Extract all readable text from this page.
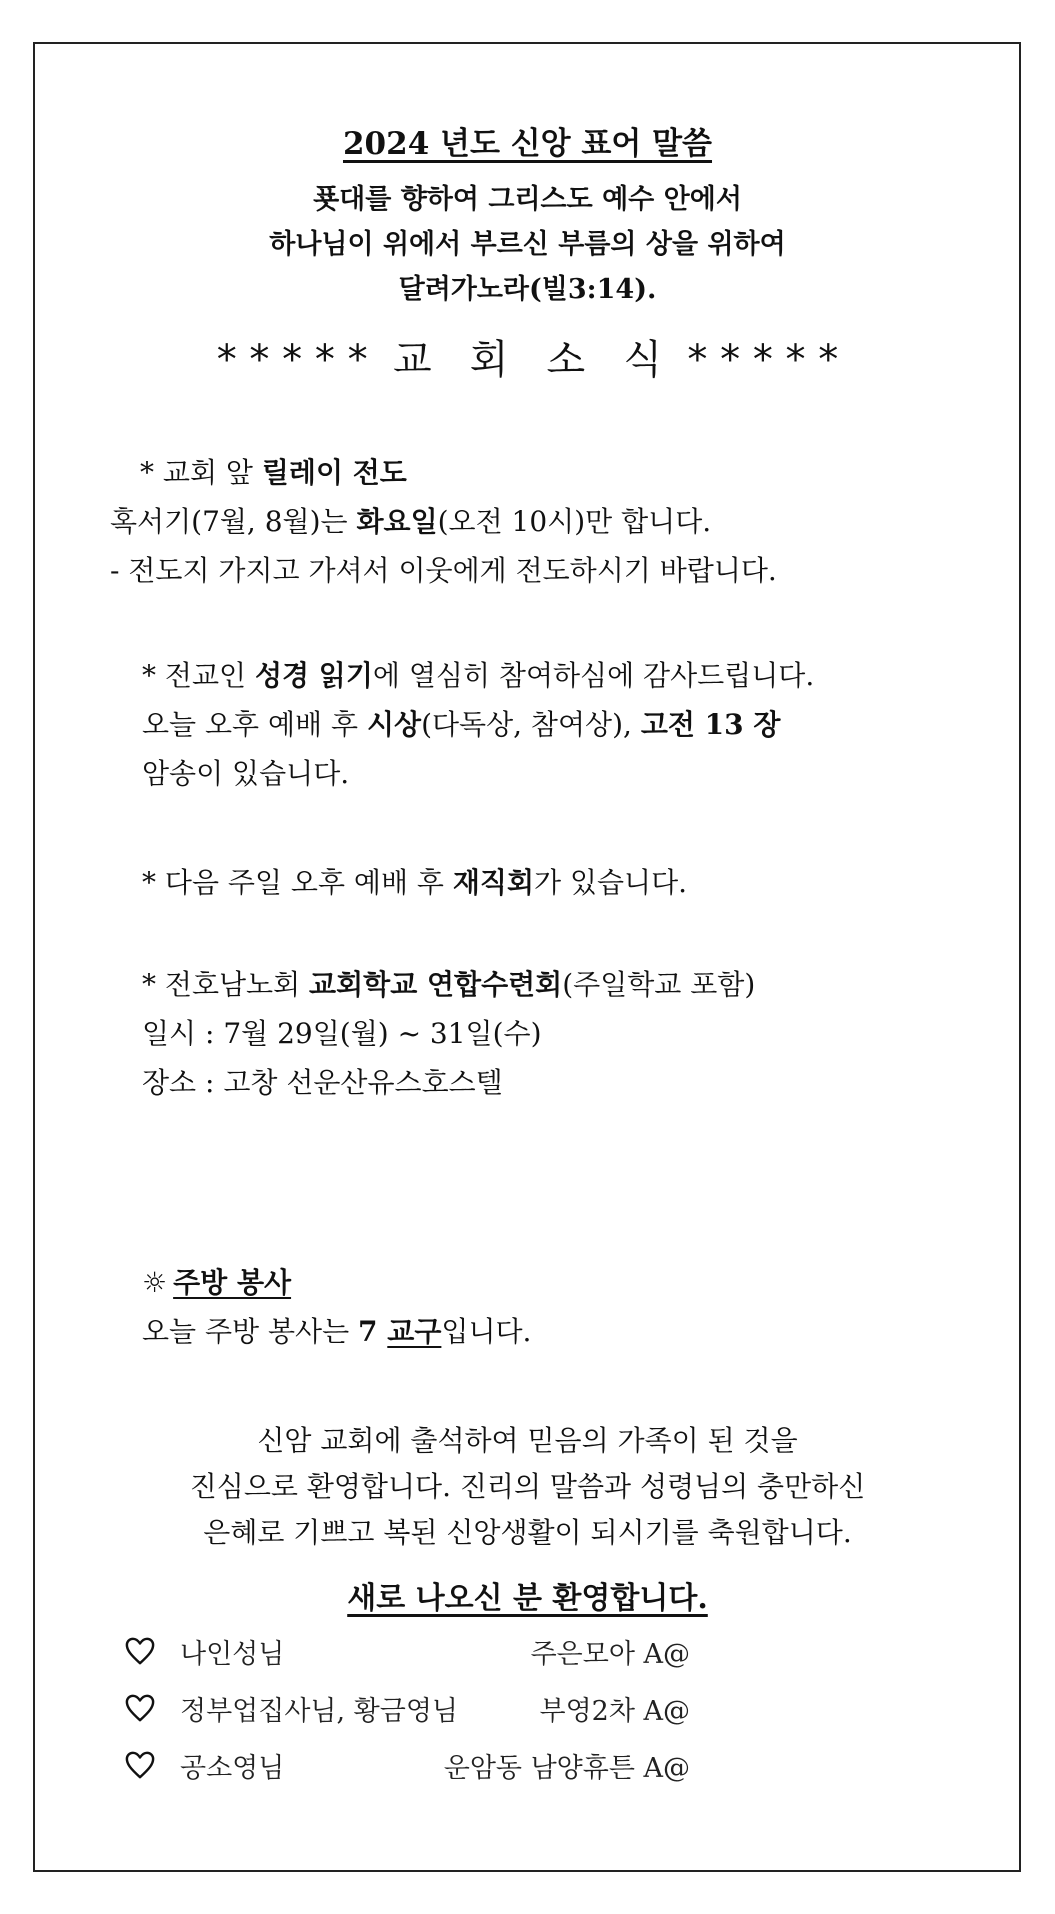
2024 년도 신앙 표어 말씀
푯대를 향하여 그리스도 예수 안에서
하나님이 위에서 부르신 부름의 상을 위하여
달려가노라(빌3:14).
* * * * *  교   회   소   식  * * * * *
* 교회 앞 릴레이 전도
혹서기(7월, 8월)는 화요일(오전 10시)만 합니다.
- 전도지 가지고 가셔서 이웃에게 전도하시기 바랍니다.
* 전교인 성경 읽기에 열심히 참여하심에 감사드립니다.
오늘 오후 예배 후 시상(다독상, 참여상), 고전 13 장
암송이 있습니다.
* 다음 주일 오후 예배 후 재직회가 있습니다.
* 전호남노회 교회학교 연합수련회(주일학교 포함)
일시 : 7월 29일(월) ~ 31일(수)
장소 : 고창 선운산유스호스텔
☼ 주방 봉사
오늘 주방 봉사는 7 교구입니다.
신암 교회에 출석하여 믿음의 가족이 된 것을
진심으로 환영합니다. 진리의 말씀과 성령님의 충만하신
은혜로 기쁘고 복된 신앙생활이 되시기를 축원합니다.
새로 나오신 분 환영합니다.
나인성님	주은모아 A@
정부업집사님, 황금영님	부영2차 A@
공소영님	운암동 남양휴튼 A@
